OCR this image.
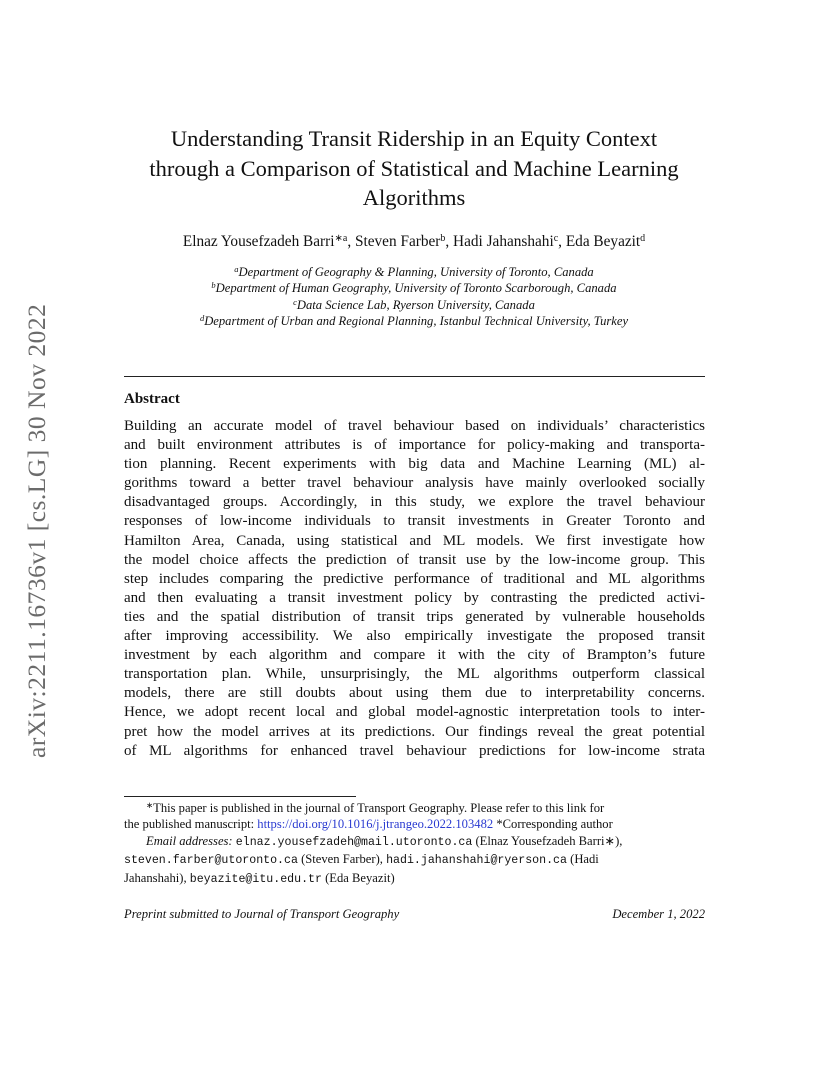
arXiv:2211.16736v1 [cs.LG] 30 Nov 2022
Understanding Transit Ridership in an Equity Context
through a Comparison of Statistical and Machine Learning
Algorithms
Elnaz Yousefzadeh Barri$^{∗a}$, Steven Farber$^b$, Hadi Jahanshahi$^c$, Eda Beyazit$^d$
$^a$Department of Geography & Planning, University of Toronto, Canada
$^b$Department of Human Geography, University of Toronto Scarborough, Canada
$^c$Data Science Lab, Ryerson University, Canada
$^d$Department of Urban and Regional Planning, Istanbul Technical University, Turkey
Abstract
Building an accurate model of travel behaviour based on individuals’ characteristics
and built environment attributes is of importance for policy-making and transporta-
tion planning. Recent experiments with big data and Machine Learning (ML) al-
gorithms toward a better travel behaviour analysis have mainly overlooked socially
disadvantaged groups. Accordingly, in this study, we explore the travel behaviour
responses of low-income individuals to transit investments in Greater Toronto and
Hamilton Area, Canada, using statistical and ML models. We first investigate how
the model choice affects the prediction of transit use by the low-income group. This
step includes comparing the predictive performance of traditional and ML algorithms
and then evaluating a transit investment policy by contrasting the predicted activi-
ties and the spatial distribution of transit trips generated by vulnerable households
after improving accessibility. We also empirically investigate the proposed transit
investment by each algorithm and compare it with the city of Brampton’s future
transportation plan. While, unsurprisingly, the ML algorithms outperform classical
models, there are still doubts about using them due to interpretability concerns.
Hence, we adopt recent local and global model-agnostic interpretation tools to inter-
pret how the model arrives at its predictions. Our findings reveal the great potential
of ML algorithms for enhanced travel behaviour predictions for low-income strata
∗This paper is published in the journal of Transport Geography. Please refer to this link for
the published manuscript: https://doi.org/10.1016/j.jtrangeo.2022.103482 *Corresponding author
Email addresses: elnaz.yousefzadeh@mail.utoronto.ca (Elnaz Yousefzadeh Barri∗),
steven.farber@utoronto.ca (Steven Farber), hadi.jahanshahi@ryerson.ca (Hadi
Jahanshahi), beyazite@itu.edu.tr (Eda Beyazit)
Preprint submitted to Journal of Transport Geography	December 1, 2022
